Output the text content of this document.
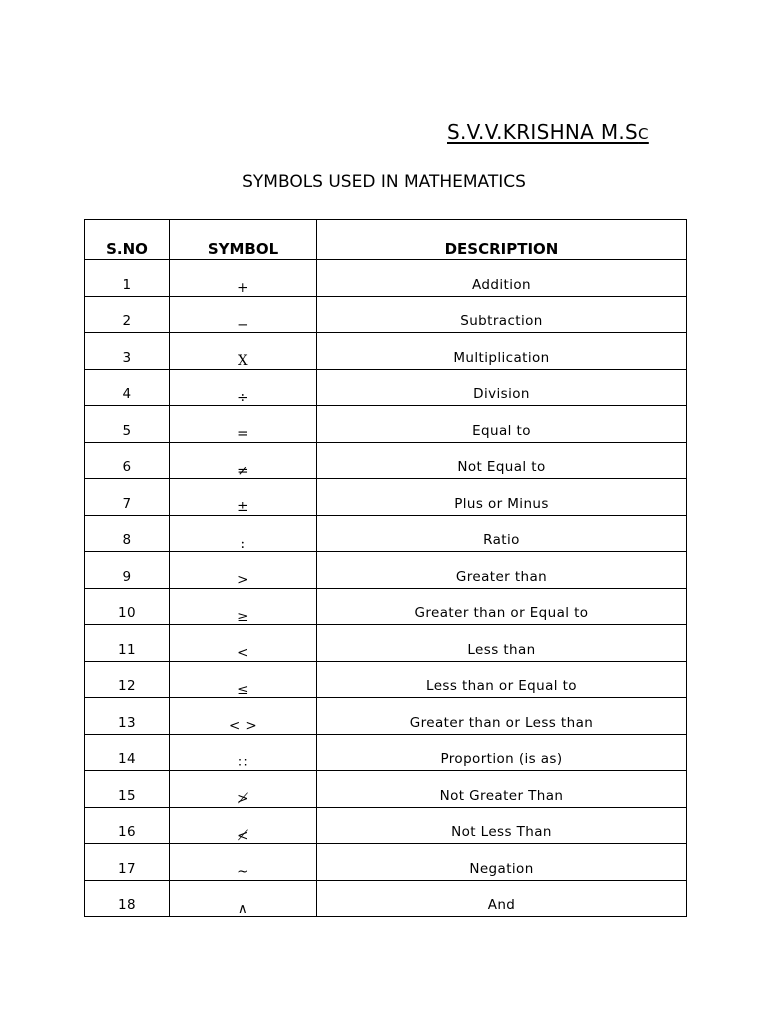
S.V.V.KRISHNA M.SC
SYMBOLS USED IN MATHEMATICS
S.NO	SYMBOL	DESCRIPTION
1	+	Addition
2	−	Subtraction
3	X	Multiplication
4	÷	Division
5	=	Equal to
6	≠	Not Equal to
7	±	Plus or Minus
8	:	Ratio
9	>	Greater than
10	≥	Greater than or Equal to
11	<	Less than
12	≤	Less than or Equal to
13	< >	Greater than or Less than
14	∷	Proportion (is as)
15	≯	Not Greater Than
16	≮	Not Less Than
17	~	Negation
18	∧	And
